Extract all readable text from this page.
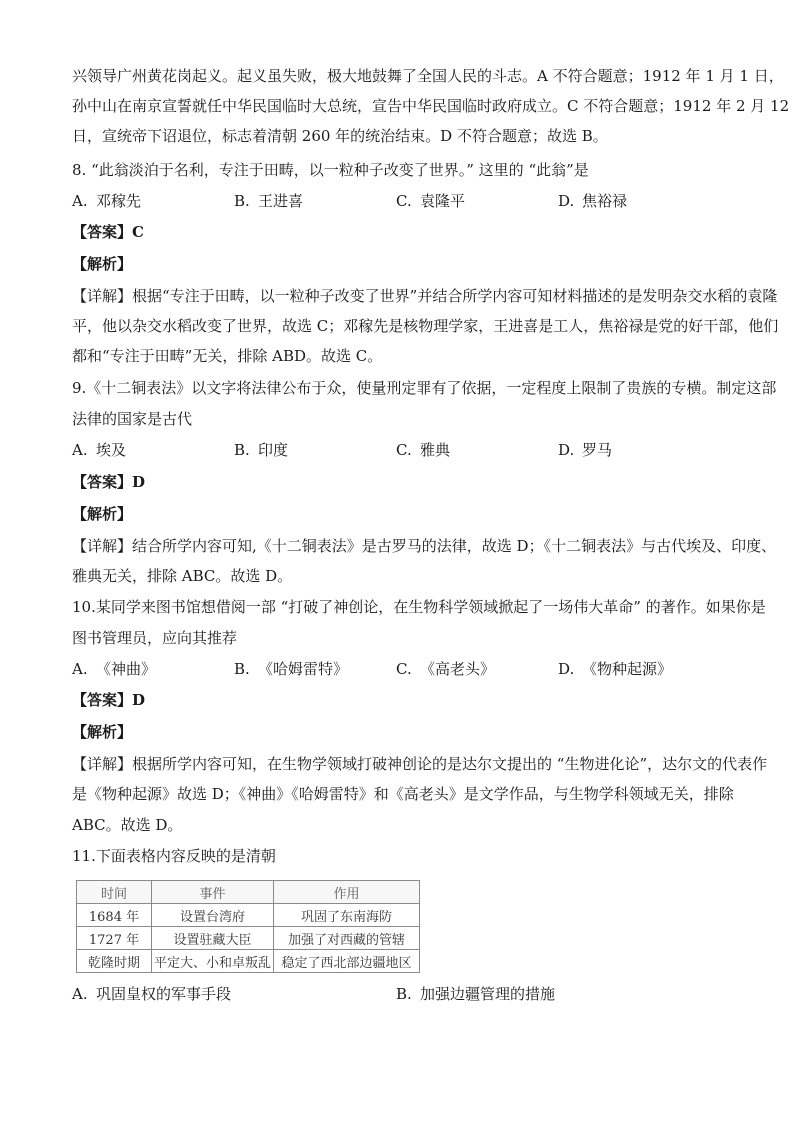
兴领导广州黄花岗起义。起义虽失败，极大地鼓舞了全国人民的斗志。A 不符合题意；1912 年 1 月 1 日，
孙中山在南京宣誓就任中华民国临时大总统，宣告中华民国临时政府成立。C 不符合题意；1912 年 2 月 12
日，宣统帝下诏退位，标志着清朝 260 年的统治结束。D 不符合题意；故选 B。
8. “此翁淡泊于名利，专注于田畴，以一粒种子改变了世界。” 这里的 “此翁”是
A. 邓稼先	B. 王进喜	C. 袁隆平	D. 焦裕禄
【答案】C
【解析】
【详解】根据“专注于田畴，以一粒种子改变了世界”并结合所学内容可知材料描述的是发明杂交水稻的袁隆
平，他以杂交水稻改变了世界，故选 C；邓稼先是核物理学家，王进喜是工人，焦裕禄是党的好干部，他们
都和“专注于田畴”无关，排除 ABD。故选 C。
9.《十二铜表法》以文字将法律公布于众，使量刑定罪有了依据，一定程度上限制了贵族的专横。制定这部
法律的国家是古代
A. 埃及	B. 印度	C. 雅典	D. 罗马
【答案】D
【解析】
【详解】结合所学内容可知,《十二铜表法》是古罗马的法律，故选 D；《十二铜表法》与古代埃及、印度、
雅典无关，排除 ABC。故选 D。
10.某同学来图书馆想借阅一部 “打破了神创论，在生物科学领域掀起了一场伟大革命” 的著作。如果你是
图书管理员，应向其推荐
A. 《神曲》	B. 《哈姆雷特》	C. 《高老头》	D. 《物种起源》
【答案】D
【解析】
【详解】根据所学内容可知，在生物学领域打破神创论的是达尔文提出的 “生物进化论”，达尔文的代表作
是《物种起源》故选 D；《神曲》《哈姆雷特》和《高老头》是文学作品，与生物学科领域无关，排除
ABC。故选 D。
11.下面表格内容反映的是清朝
时间	事件	作用
1684 年	设置台湾府	巩固了东南海防
1727 年	设置驻藏大臣	加强了对西藏的管辖
乾隆时期	平定大、小和卓叛乱	稳定了西北部边疆地区
A. 巩固皇权的军事手段	B. 加强边疆管理的措施
